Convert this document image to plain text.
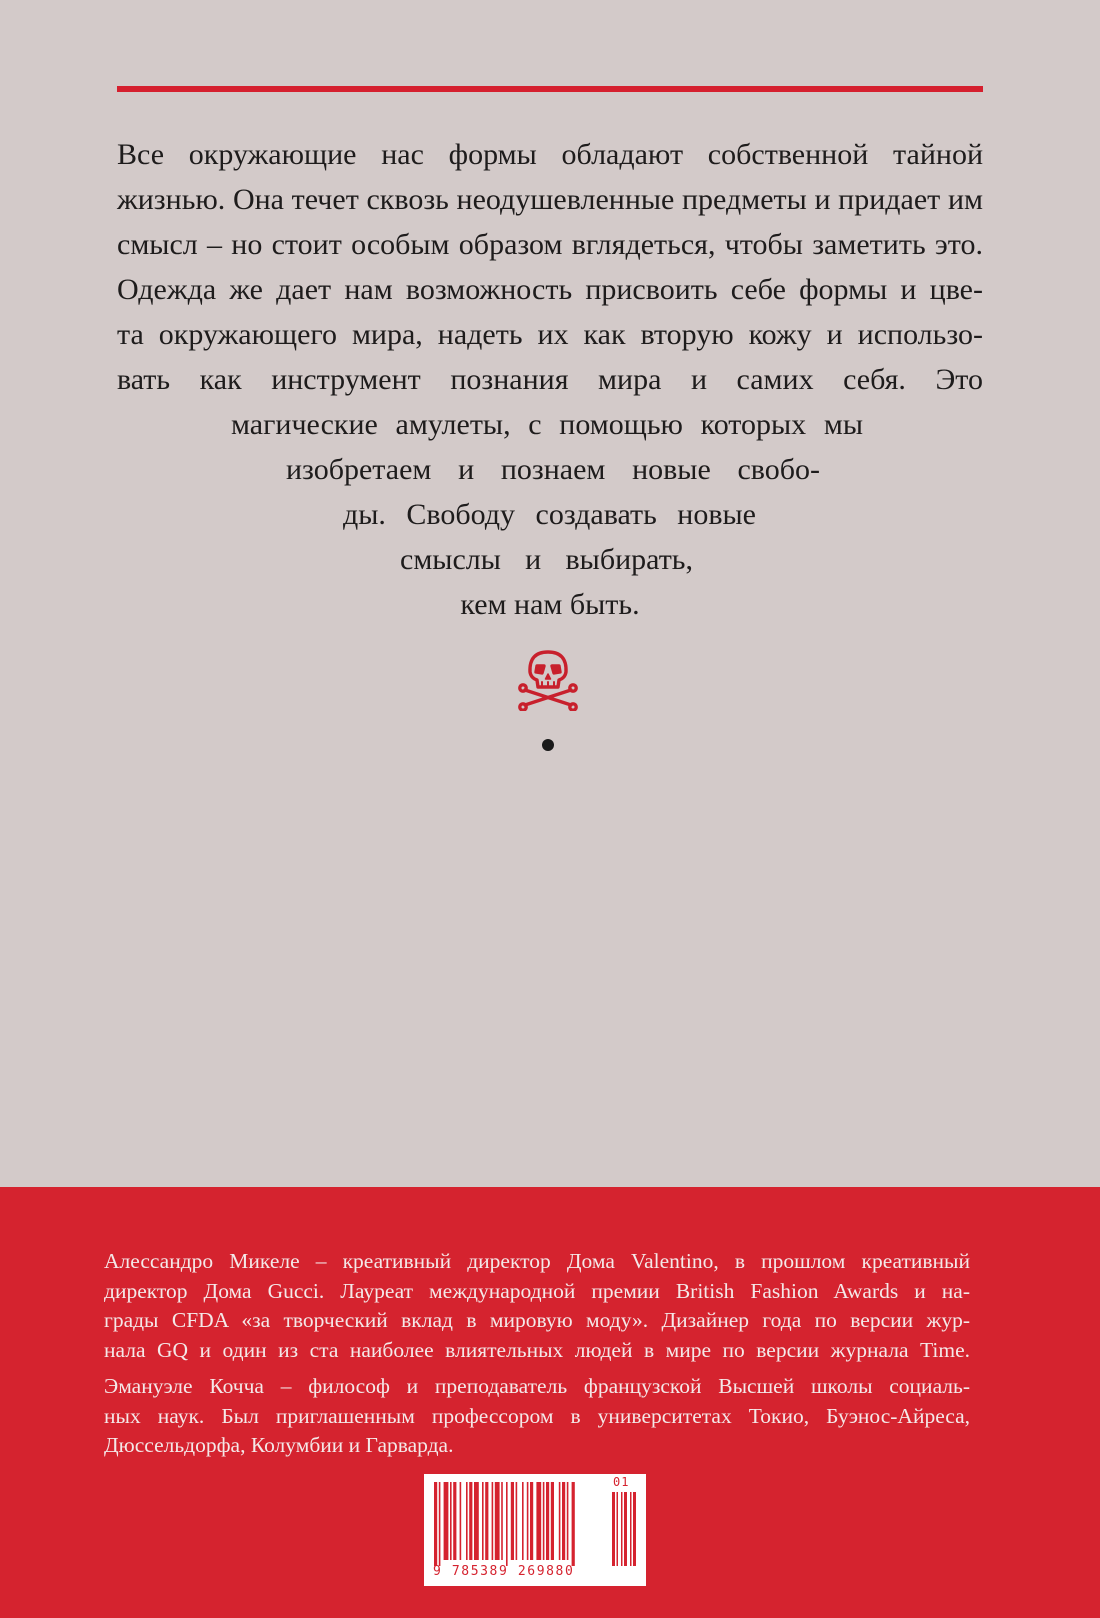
Все окружающие нас формы обладают собственной тайной
жизнью. Она течет сквозь неодушевленные предметы и придает им
смысл – но стоит особым образом вглядеться, чтобы заметить это.
Одежда же дает нам возможность присвоить себе формы и цве-
та окружающего мира, надеть их как вторую кожу и использо-
вать как инструмент познания мира и самих себя. Это
магические амулеты, с помощью которых мы
изобретаем и познаем новые свобо-
ды. Свободу создавать новые
смыслы и выбирать,
кем нам быть.
Алессандро Микеле – креативный директор Дома Valentino, в прошлом креативный
директор Дома Gucci. Лауреат международной премии British Fashion Awards и на-
грады CFDA «за творческий вклад в мировую моду». Дизайнер года по версии жур-
нала GQ и один из ста наиболее влиятельных людей в мире по версии журнала Time.
Эмануэле Кочча – философ и преподаватель французской Высшей школы социаль-
ных наук. Был приглашенным профессором в университетах Токио, Буэнос-Айреса,
Дюссельдорфа, Колумбии и Гарварда.
9 785389 269880
01
